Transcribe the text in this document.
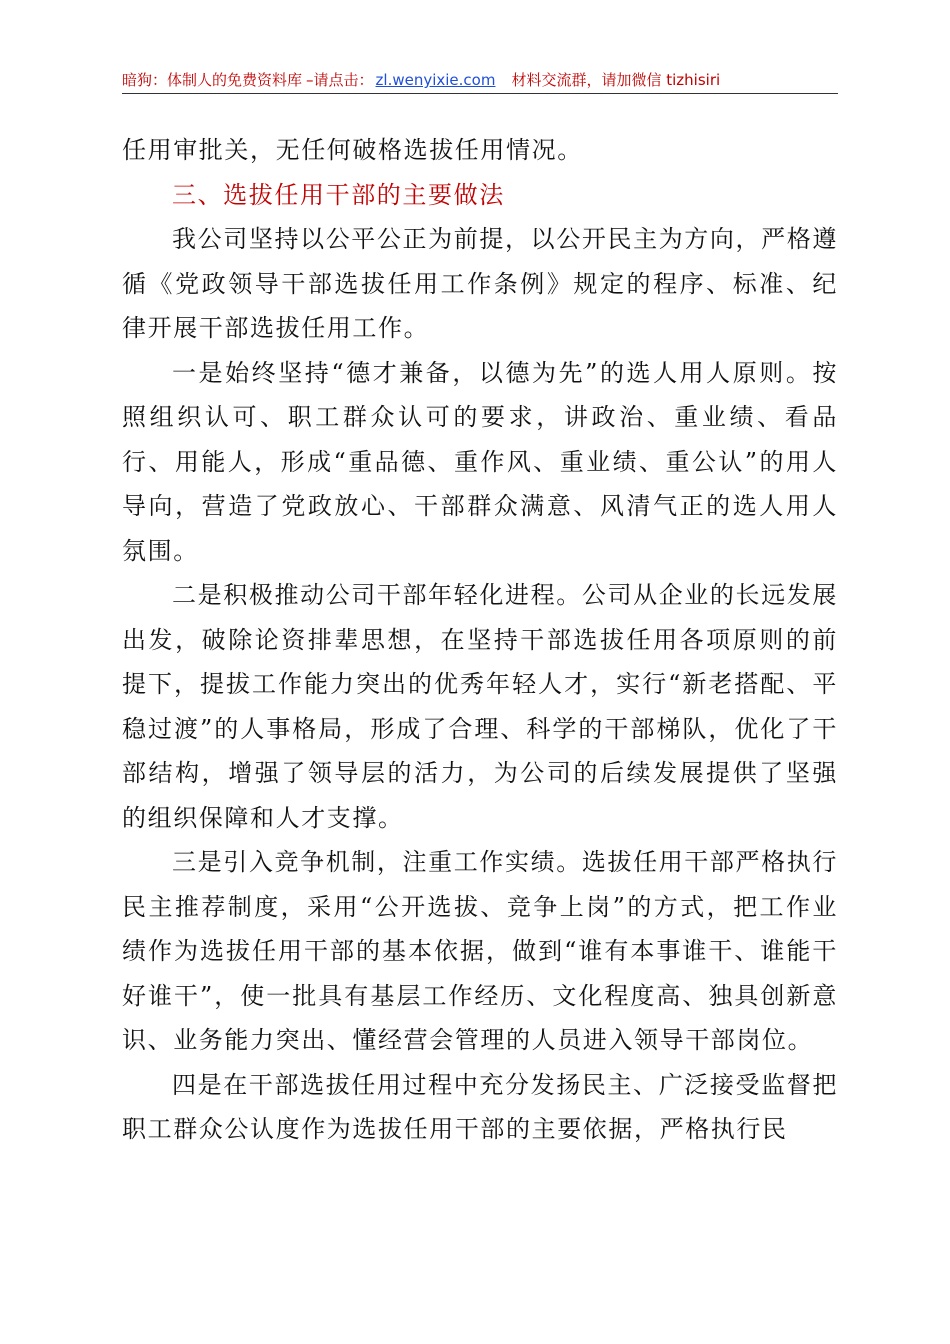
暗狗：体制人的免费资料库 –请点击： zl.wenyixie.com 材料交流群，请加微信 tizhisiri

任用审批关，无任何破格选拔任用情况。

三、选拔任用干部的主要做法

我公司坚持以公平公正为前提，以公开民主为方向，严格遵循《党政领导干部选拔任用工作条例》规定的程序、标准、纪律开展干部选拔任用工作。

一是始终坚持“德才兼备，以德为先”的选人用人原则。按照组织认可、职工群众认可的要求，讲政治、重业绩、看品行、用能人，形成“重品德、重作风、重业绩、重公认”的用人导向，营造了党政放心、干部群众满意、风清气正的选人用人氛围。

二是积极推动公司干部年轻化进程。公司从企业的长远发展出发，破除论资排辈思想，在坚持干部选拔任用各项原则的前提下，提拔工作能力突出的优秀年轻人才，实行“新老搭配、平稳过渡”的人事格局，形成了合理、科学的干部梯队，优化了干部结构，增强了领导层的活力，为公司的后续发展提供了坚强的组织保障和人才支撑。

三是引入竞争机制，注重工作实绩。选拔任用干部严格执行民主推荐制度，采用“公开选拔、竞争上岗”的方式，把工作业绩作为选拔任用干部的基本依据，做到“谁有本事谁干、谁能干好谁干”，使一批具有基层工作经历、文化程度高、独具创新意识、业务能力突出、懂经营会管理的人员进入领导干部岗位。

四是在干部选拔任用过程中充分发扬民主、广泛接受监督把职工群众公认度作为选拔任用干部的主要依据，严格执行民
